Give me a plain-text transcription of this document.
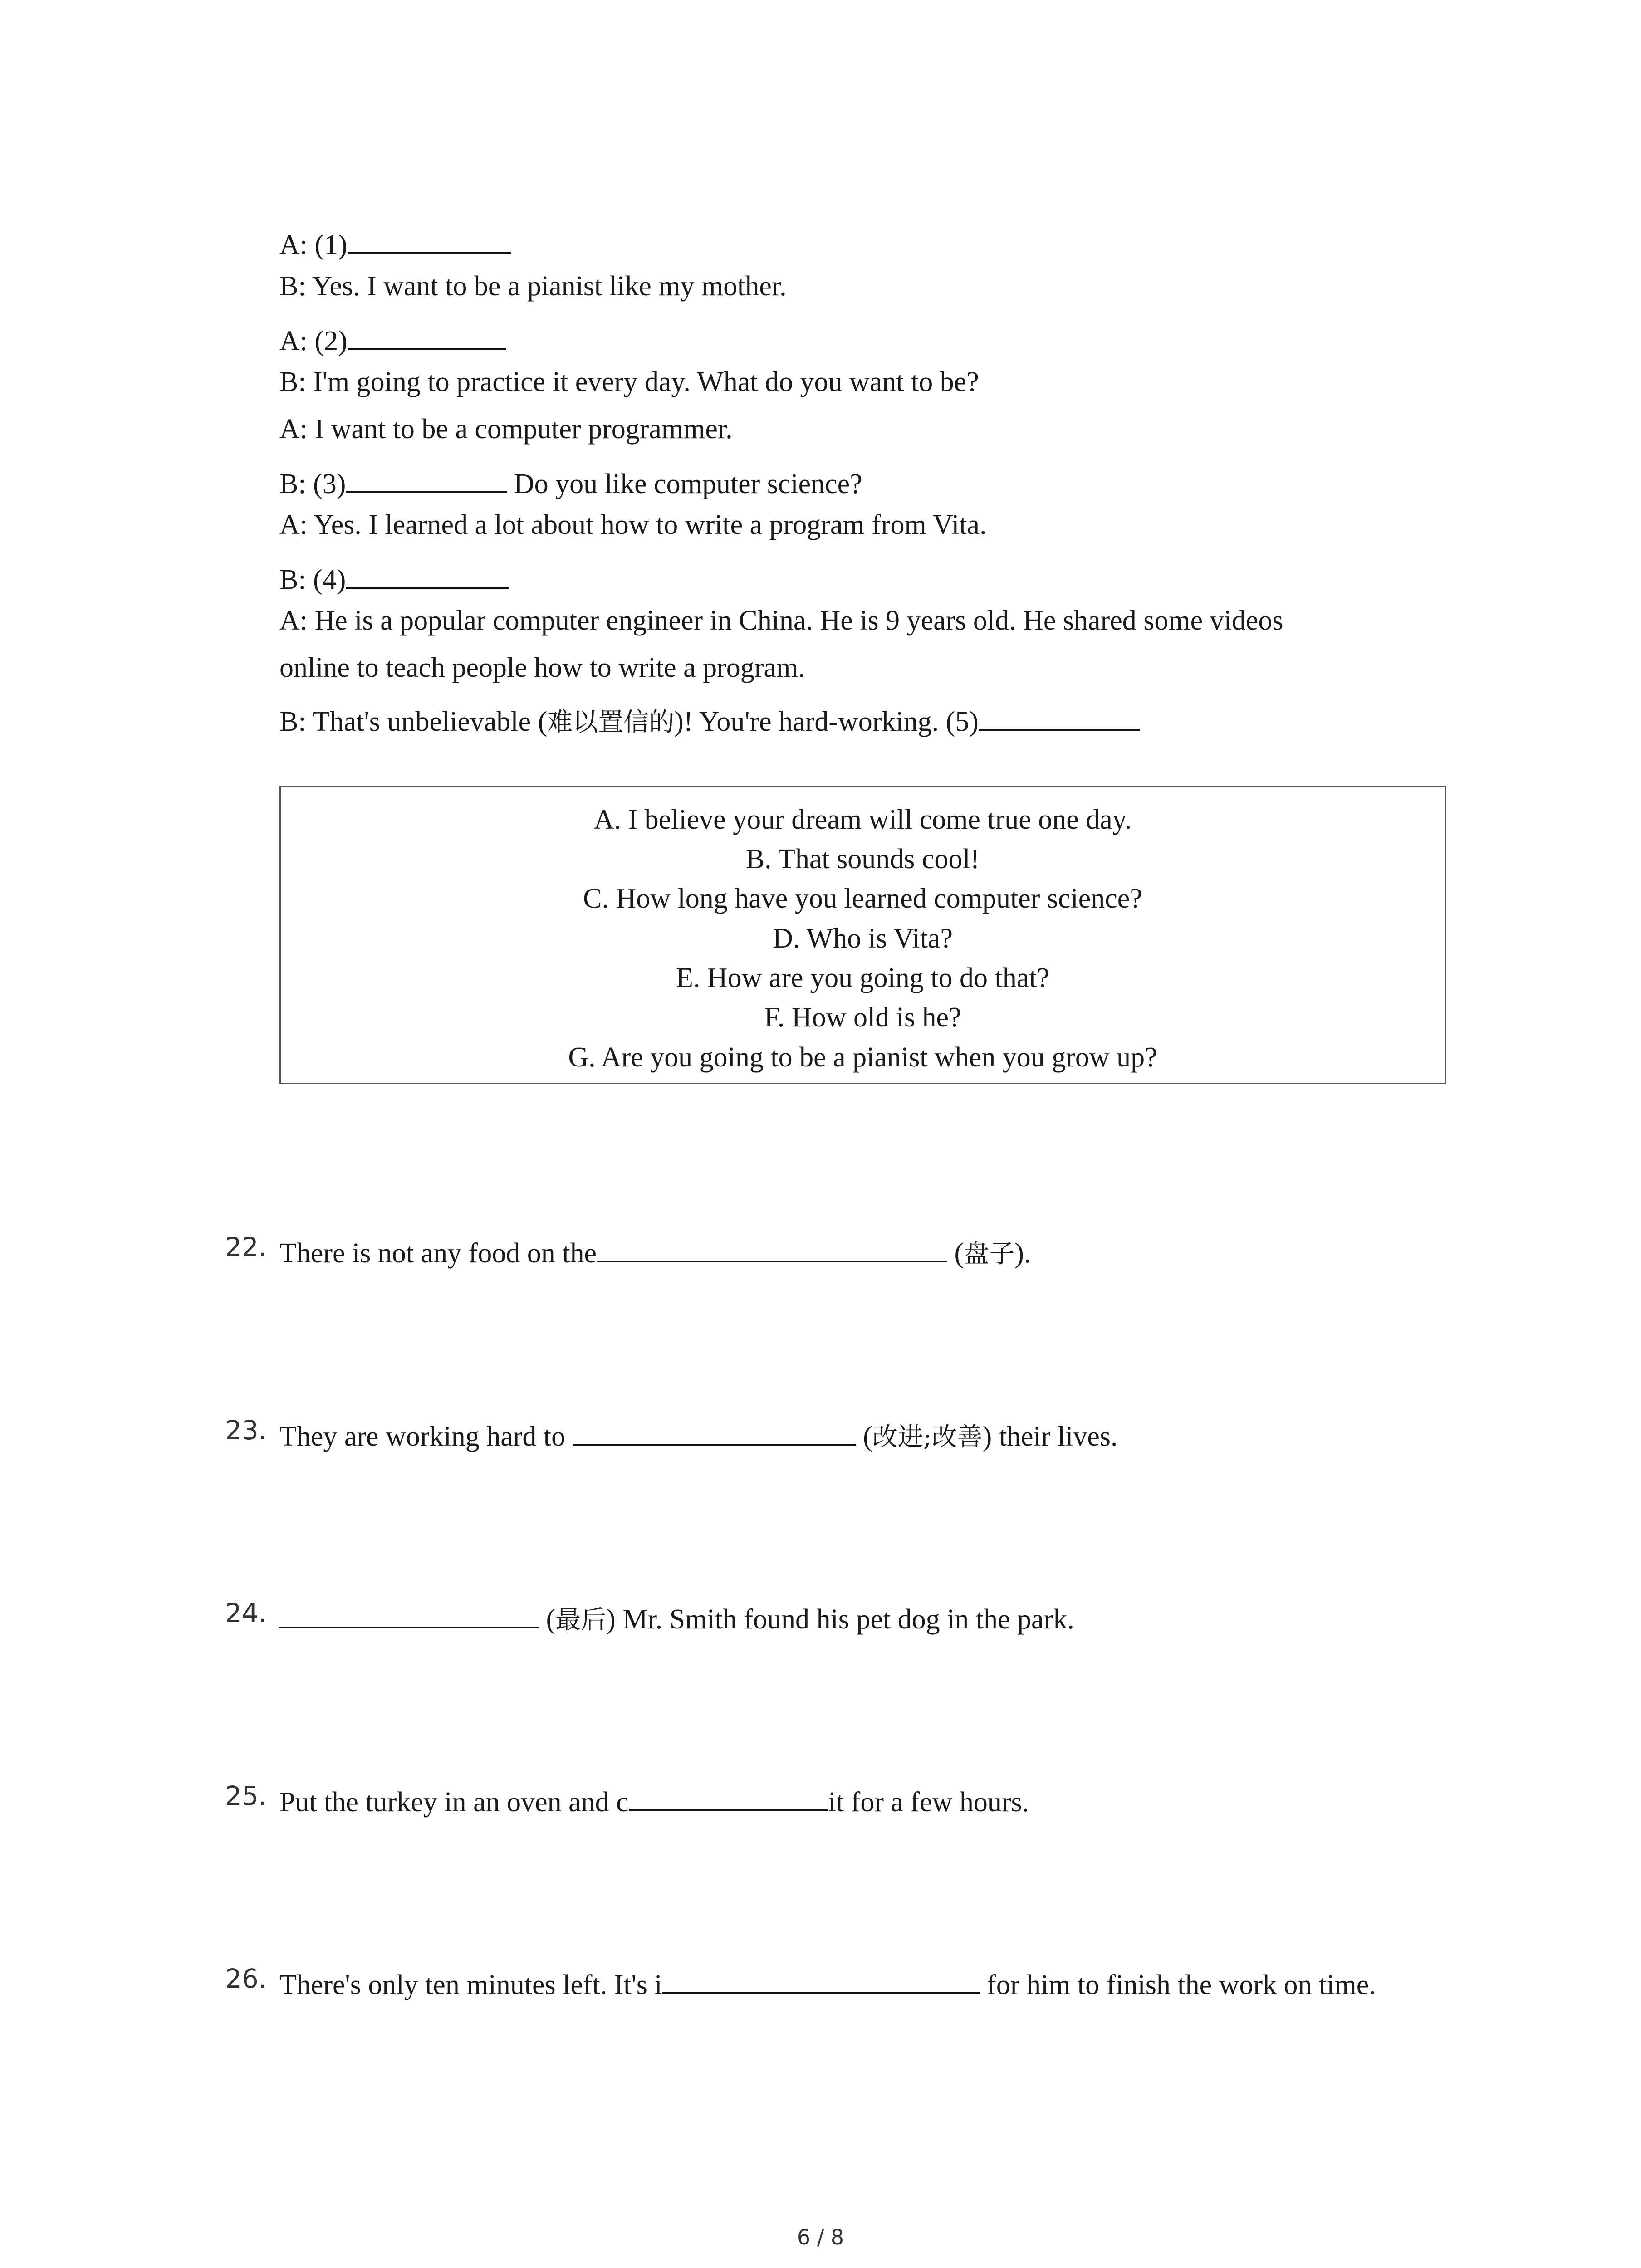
A: (1)
B: Yes. I want to be a pianist like my mother.
A: (2)
B: I'm going to practice it every day. What do you want to be?
A: I want to be a computer programmer.
B: (3)	Do you like computer science?
A: Yes. I learned a lot about how to write a program from Vita.
B: (4)
A: He is a popular computer engineer in China. He is 9 years old. He shared some videos
online to teach people how to write a program.
B: That's unbelievable (难以置信的)! You're hard-working. (5)
A. I believe your dream will come true one day.
B. That sounds cool!
C. How long have you learned computer science?
D. Who is Vita?
E. How are you going to do that?
F. How old is he?
G. Are you going to be a pianist when you grow up?
22. There is not any food on the	(盘子).
23. They are working hard to	(改进;改善) their lives.
24.	(最后) Mr. Smith found his pet dog in the park.
25. Put the turkey in an oven and c	it for a few hours.
26. There's only ten minutes left. It's i	for him to finish the work on time.
6 / 8
